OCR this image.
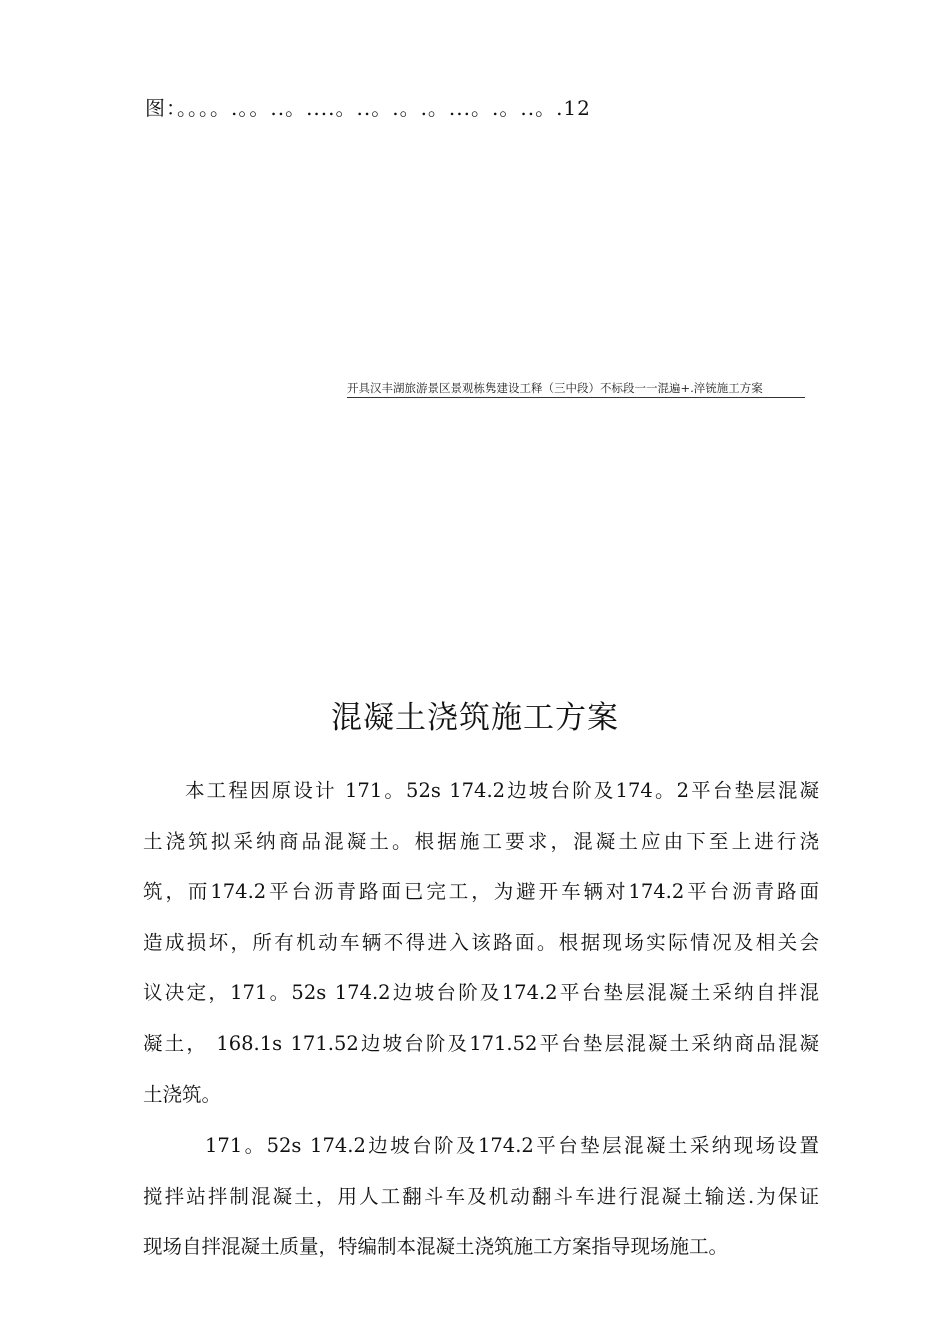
图：。。。。.。。..。....。..。.。.。...。.。..。.12
开具汉丰湖旅游景区景观栋隽建设工释（三中段）不标段一一混遍+.淬铳施工方案
混凝土浇筑施工方案
本工程因原设计 171。52s 174.2边坡台阶及174。2平台垫层混凝
土浇筑拟采纳商品混凝土。根据施工要求，混凝土应由下至上进行浇
筑，而174.2平台沥青路面已完工，为避开车辆对174.2平台沥青路面
造成损坏，所有机动车辆不得进入该路面。根据现场实际情况及相关会
议决定，171。52s 174.2边坡台阶及174.2平台垫层混凝土采纳自拌混
凝土， 168.1s 171.52边坡台阶及171.52平台垫层混凝土采纳商品混凝
土浇筑。
171。52s 174.2边坡台阶及174.2平台垫层混凝土采纳现场设置
搅拌站拌制混凝土，用人工翻斗车及机动翻斗车进行混凝土输送.为保证
现场自拌混凝土质量，特编制本混凝土浇筑施工方案指导现场施工。
